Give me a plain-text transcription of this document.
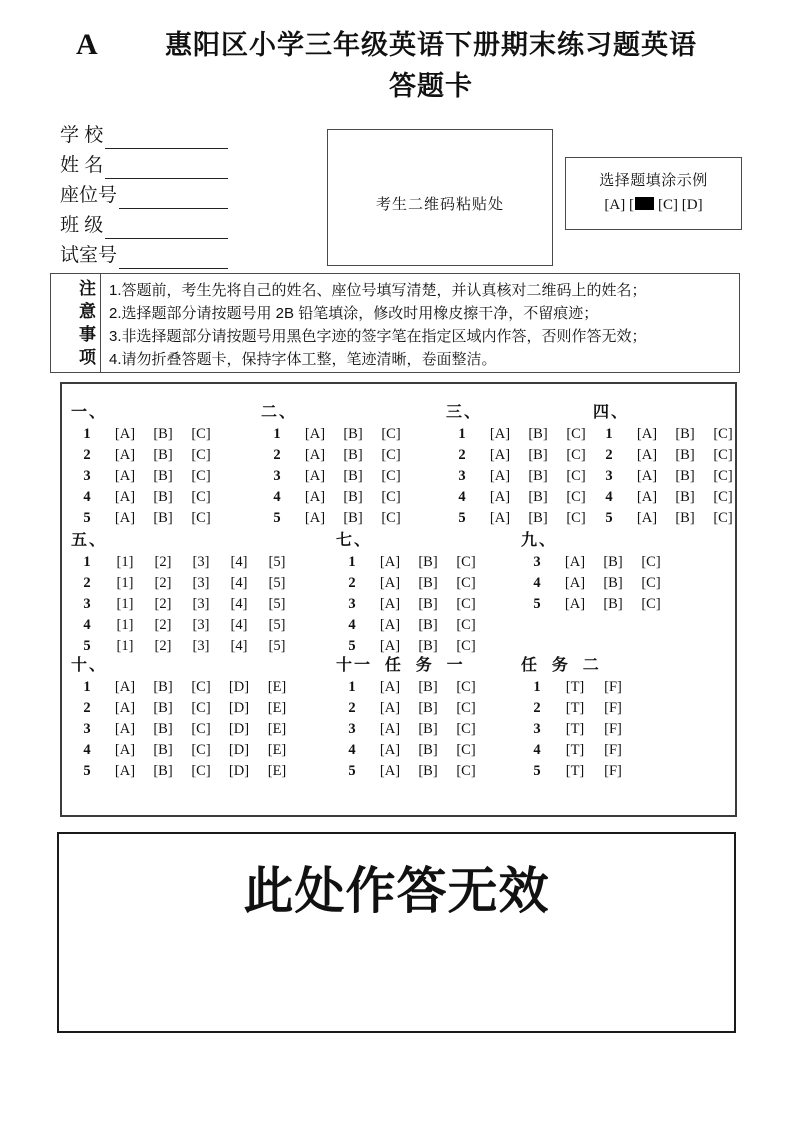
A	惠阳区小学三年级英语下册期末练习题英语
答题卡
学 校
姓 名
座位号
班 级
试室号
考生二维码粘贴处
选择题填涂示例
[A] [ [C] [D]
注
意
事
项
1.答题前，考生先将自己的姓名、座位号填写清楚，并认真核对二维码上的姓名；
2.选择题部分请按题号用 2B 铅笔填涂，修改时用橡皮擦干净，不留痕迹；
3.非选择题部分请按题号用黑色字迹的签字笔在指定区域内作答，否则作答无效；
4.请勿折叠答题卡，保持字体工整，笔迹清晰，卷面整洁。
一、
1	[A]	[B]	[C]
2	[A]	[B]	[C]
3	[A]	[B]	[C]
4	[A]	[B]	[C]
5	[A]	[B]	[C]
二、
1	[A]	[B]	[C]
2	[A]	[B]	[C]
3	[A]	[B]	[C]
4	[A]	[B]	[C]
5	[A]	[B]	[C]
三、
1	[A]	[B]	[C]
2	[A]	[B]	[C]
3	[A]	[B]	[C]
4	[A]	[B]	[C]
5	[A]	[B]	[C]
四、
1	[A]	[B]	[C]
2	[A]	[B]	[C]
3	[A]	[B]	[C]
4	[A]	[B]	[C]
5	[A]	[B]	[C]
五、
1	[1]	[2]	[3]	[4]	[5]
2	[1]	[2]	[3]	[4]	[5]
3	[1]	[2]	[3]	[4]	[5]
4	[1]	[2]	[3]	[4]	[5]
5	[1]	[2]	[3]	[4]	[5]
七、
1	[A]	[B]	[C]
2	[A]	[B]	[C]
3	[A]	[B]	[C]
4	[A]	[B]	[C]
5	[A]	[B]	[C]
九、
3	[A]	[B]	[C]
4	[A]	[B]	[C]
5	[A]	[B]	[C]
十、
1	[A]	[B]	[C]	[D]	[E]
2	[A]	[B]	[C]	[D]	[E]
3	[A]	[B]	[C]	[D]	[E]
4	[A]	[B]	[C]	[D]	[E]
5	[A]	[B]	[C]	[D]	[E]
十一  任  务  一
1	[A]	[B]	[C]
2	[A]	[B]	[C]
3	[A]	[B]	[C]
4	[A]	[B]	[C]
5	[A]	[B]	[C]
任  务  二
1	[T]	[F]
2	[T]	[F]
3	[T]	[F]
4	[T]	[F]
5	[T]	[F]
此处作答无效
